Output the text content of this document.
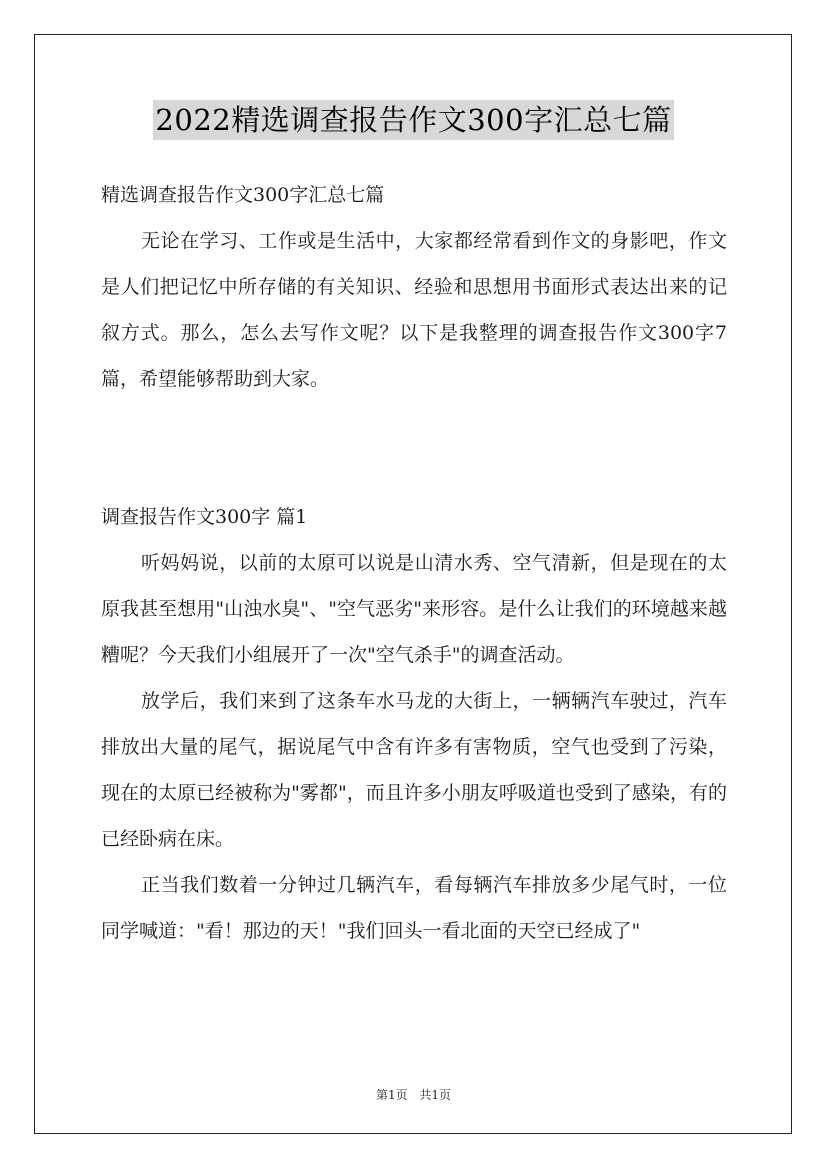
2022精选调查报告作文300字汇总七篇

精选调查报告作文300字汇总七篇

无论在学习、工作或是生活中，大家都经常看到作文的身影吧，作文是人们把记忆中所存储的有关知识、经验和思想用书面形式表达出来的记叙方式。那么，怎么去写作文呢？以下是我整理的调查报告作文300字7篇，希望能够帮助到大家。

调查报告作文300字 篇1

听妈妈说，以前的太原可以说是山清水秀、空气清新，但是现在的太原我甚至想用"山浊水臭"、"空气恶劣"来形容。是什么让我们的环境越来越糟呢？今天我们小组展开了一次"空气杀手"的调查活动。

放学后，我们来到了这条车水马龙的大街上，一辆辆汽车驶过，汽车排放出大量的尾气，据说尾气中含有许多有害物质，空气也受到了污染，现在的太原已经被称为"雾都"，而且许多小朋友呼吸道也受到了感染，有的已经卧病在床。

正当我们数着一分钟过几辆汽车，看每辆汽车排放多少尾气时，一位同学喊道："看！那边的天！"我们回头一看北面的天空已经成了"

第1页 共1页
